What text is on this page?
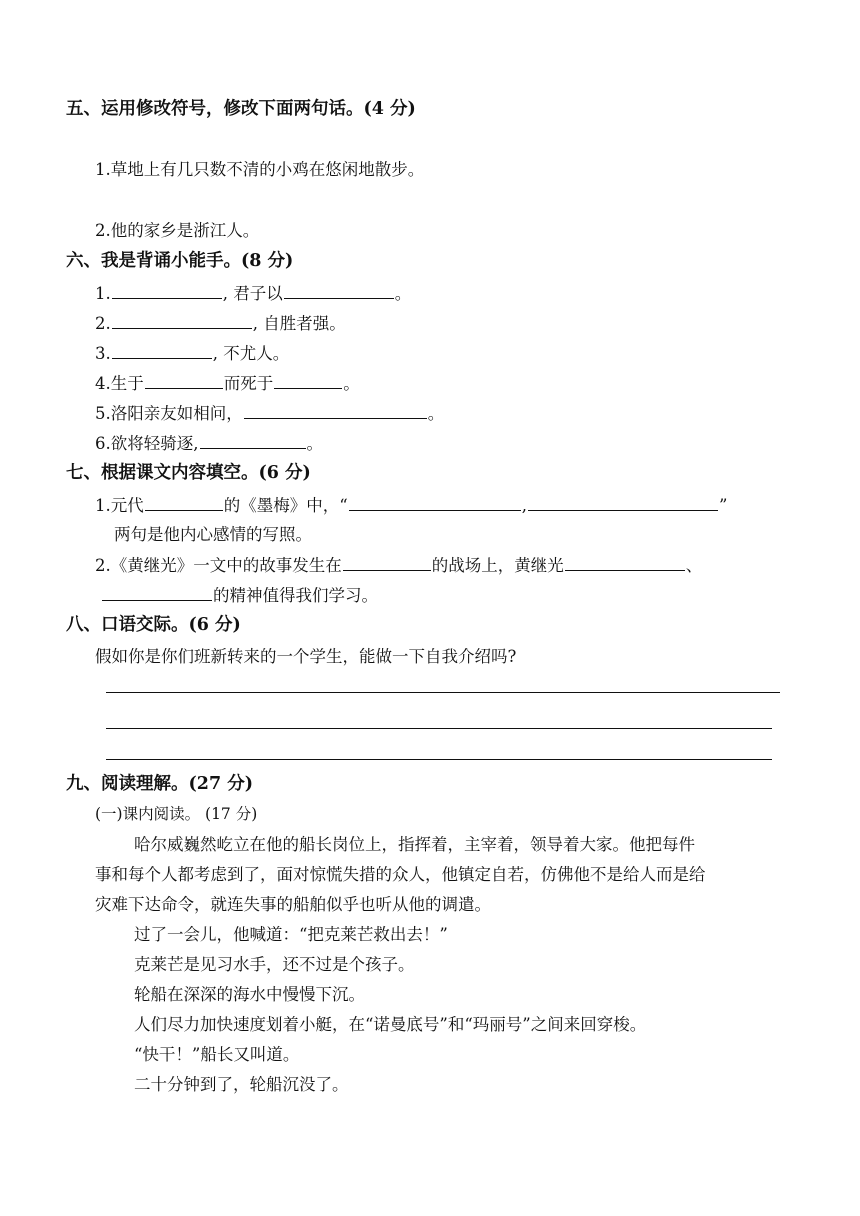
五、运用修改符号，修改下面两句话。(4 分)
1.草地上有几只数不清的小鸡在悠闲地散步。
2.他的家乡是浙江人。
六、我是背诵小能手。(8 分)
1.	, 君子以	。
2.	, 自胜者强。
3.	, 不尤人。
4.生于	而死于	。
5.洛阳亲友如相问，	。
6.欲将轻骑逐,	。
七、根据课文内容填空。(6 分)
1.元代	的《墨梅》中，“	,	”
两句是他内心感情的写照。
2.《黄继光》一文中的故事发生在	的战场上，黄继光	、
的精神值得我们学习。
八、口语交际。(6 分)
假如你是你们班新转来的一个学生，能做一下自我介绍吗?
九、阅读理解。(27 分)
(一)课内阅读。 (17 分)
哈尔威巍然屹立在他的船长岗位上，指挥着，主宰着，领导着大家。他把每件
事和每个人都考虑到了，面对惊慌失措的众人，他镇定自若，仿佛他不是给人而是给
灾难下达命令，就连失事的船舶似乎也听从他的调遣。
过了一会儿，他喊道：“把克莱芒救出去！”
克莱芒是见习水手，还不过是个孩子。
轮船在深深的海水中慢慢下沉。
人们尽力加快速度划着小艇，在“诺曼底号”和“玛丽号”之间来回穿梭。
“快干！”船长又叫道。
二十分钟到了，轮船沉没了。
